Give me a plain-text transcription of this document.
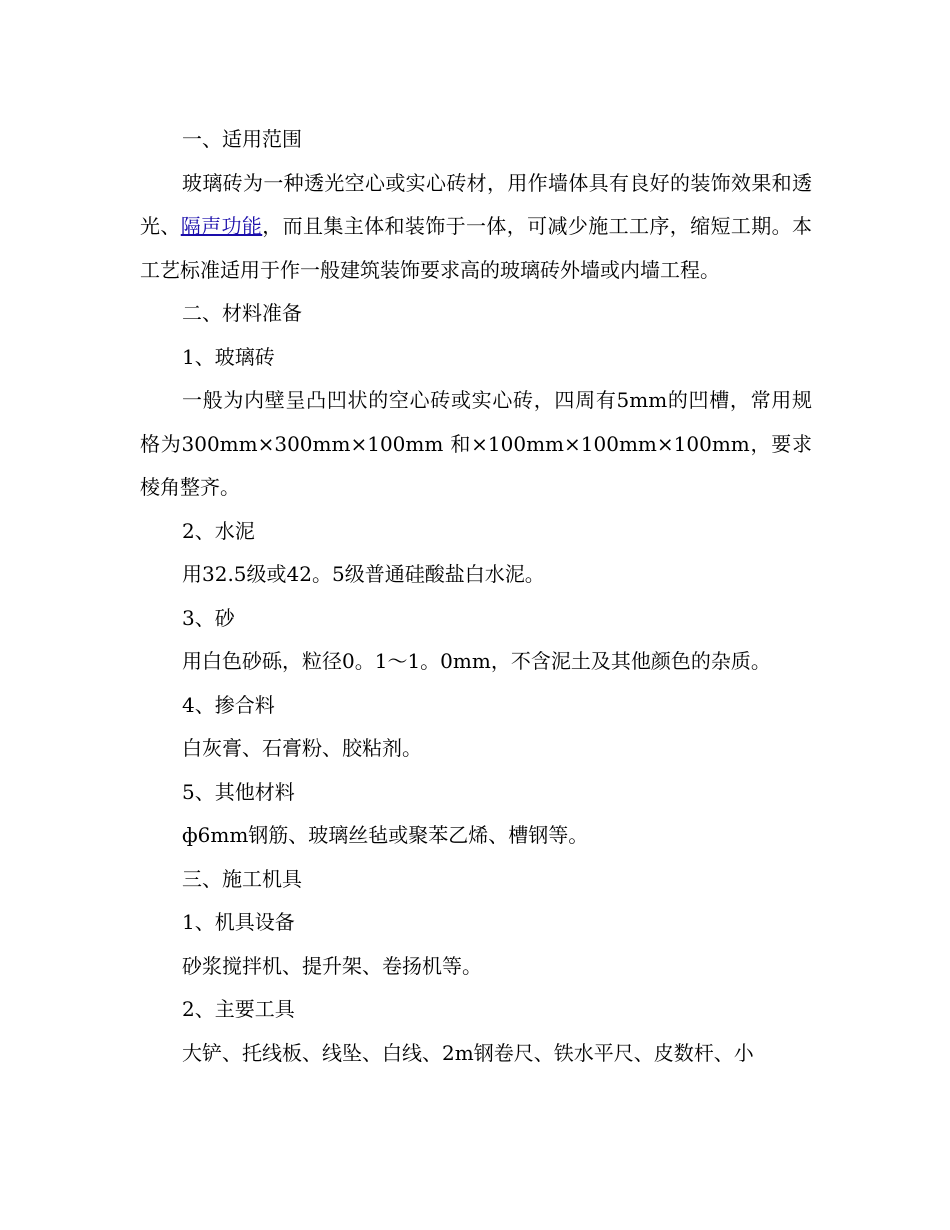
一、适用范围

玻璃砖为一种透光空心或实心砖材，用作墙体具有良好的装饰效果和透光、隔声功能，而且集主体和装饰于一体，可减少施工工序，缩短工期。本工艺标准适用于作一般建筑装饰要求高的玻璃砖外墙或内墙工程。

二、材料准备

1、玻璃砖

一般为内壁呈凸凹状的空心砖或实心砖，四周有5mm的凹槽，常用规格为300mm×300mm×100mm 和×100mm×100mm×100mm，要求棱角整齐。

2、水泥

用32.5级或42。5级普通硅酸盐白水泥。

3、砂

用白色砂砾，粒径0。1～1。0mm，不含泥土及其他颜色的杂质。

4、掺合料

白灰膏、石膏粉、胶粘剂。

5、其他材料

ф6mm钢筋、玻璃丝毡或聚苯乙烯、槽钢等。

三、施工机具

1、机具设备

砂浆搅拌机、提升架、卷扬机等。

2、主要工具

大铲、托线板、线坠、白线、2m钢卷尺、铁水平尺、皮数杆、小
